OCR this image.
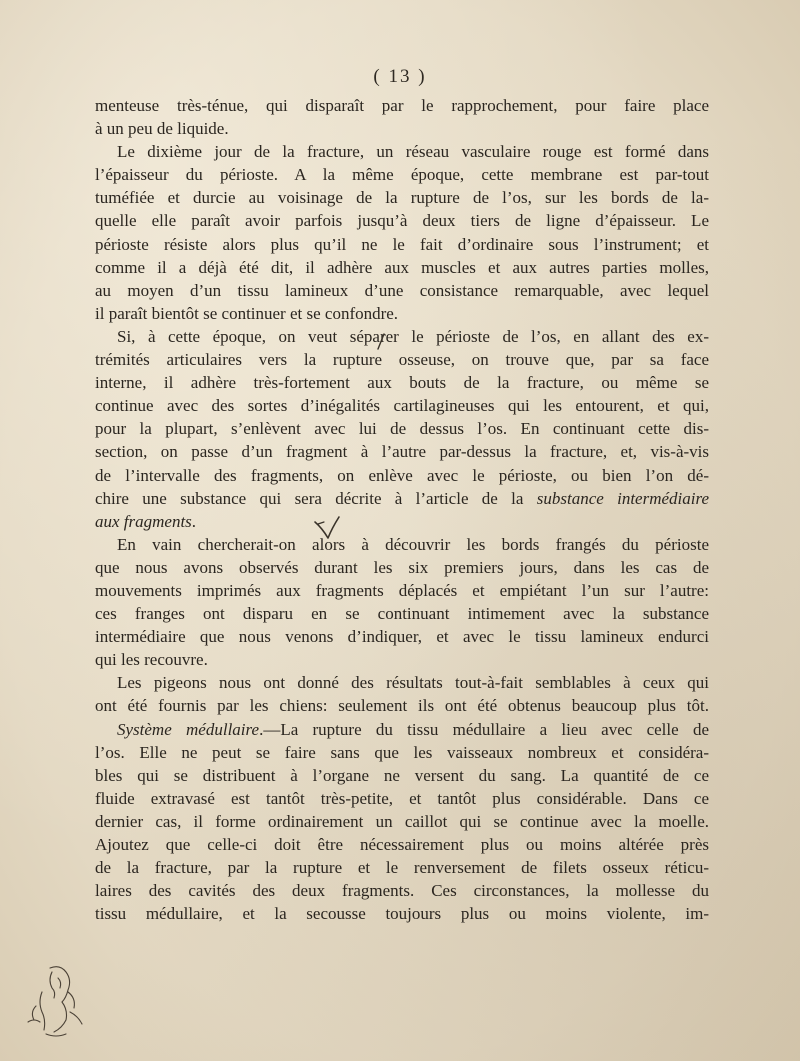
( 13 )
menteuse très-ténue, qui disparaît par le rapprochement, pour faire place
à un peu de liquide.
Le dixième jour de la fracture, un réseau vasculaire rouge est formé dans
l’épaisseur du périoste. A la même époque, cette membrane est par-tout
tuméfiée et durcie au voisinage de la rupture de l’os, sur les bords de la-
quelle elle paraît avoir parfois jusqu’à deux tiers de ligne d’épaisseur. Le
périoste résiste alors plus qu’il ne le fait d’ordinaire sous l’instrument; et
comme il a déjà été dit, il adhère aux muscles et aux autres parties molles,
au moyen d’un tissu lamineux d’une consistance remarquable, avec lequel
il paraît bientôt se continuer et se confondre.
Si, à cette époque, on veut séparer le périoste de l’os, en allant des ex-
trémités articulaires vers la rupture osseuse, on trouve que, par sa face
interne, il adhère très-fortement aux bouts de la fracture, ou même se
continue avec des sortes d’inégalités cartilagineuses qui les entourent, et qui,
pour la plupart, s’enlèvent avec lui de dessus l’os. En continuant cette dis-
section, on passe d’un fragment à l’autre par-dessus la fracture, et, vis-à-vis
de l’intervalle des fragments, on enlève avec le périoste, ou bien l’on dé-
chire une substance qui sera décrite à l’article de la substance intermédiaire
aux fragments.
En vain chercherait-on alors à découvrir les bords frangés du périoste
que nous avons observés durant les six premiers jours, dans les cas de
mouvements imprimés aux fragments déplacés et empiétant l’un sur l’autre:
ces franges ont disparu en se continuant intimement avec la substance
intermédiaire que nous venons d’indiquer, et avec le tissu lamineux endurci
qui les recouvre.
Les pigeons nous ont donné des résultats tout-à-fait semblables à ceux qui
ont été fournis par les chiens: seulement ils ont été obtenus beaucoup plus tôt.
Système médullaire.—La rupture du tissu médullaire a lieu avec celle de
l’os. Elle ne peut se faire sans que les vaisseaux nombreux et considéra-
bles qui se distribuent à l’organe ne versent du sang. La quantité de ce
fluide extravasé est tantôt très-petite, et tantôt plus considérable. Dans ce
dernier cas, il forme ordinairement un caillot qui se continue avec la moelle.
Ajoutez que celle-ci doit être nécessairement plus ou moins altérée près
de la fracture, par la rupture et le renversement de filets osseux réticu-
laires des cavités des deux fragments. Ces circonstances, la mollesse du
tissu médullaire, et la secousse toujours plus ou moins violente, im-
